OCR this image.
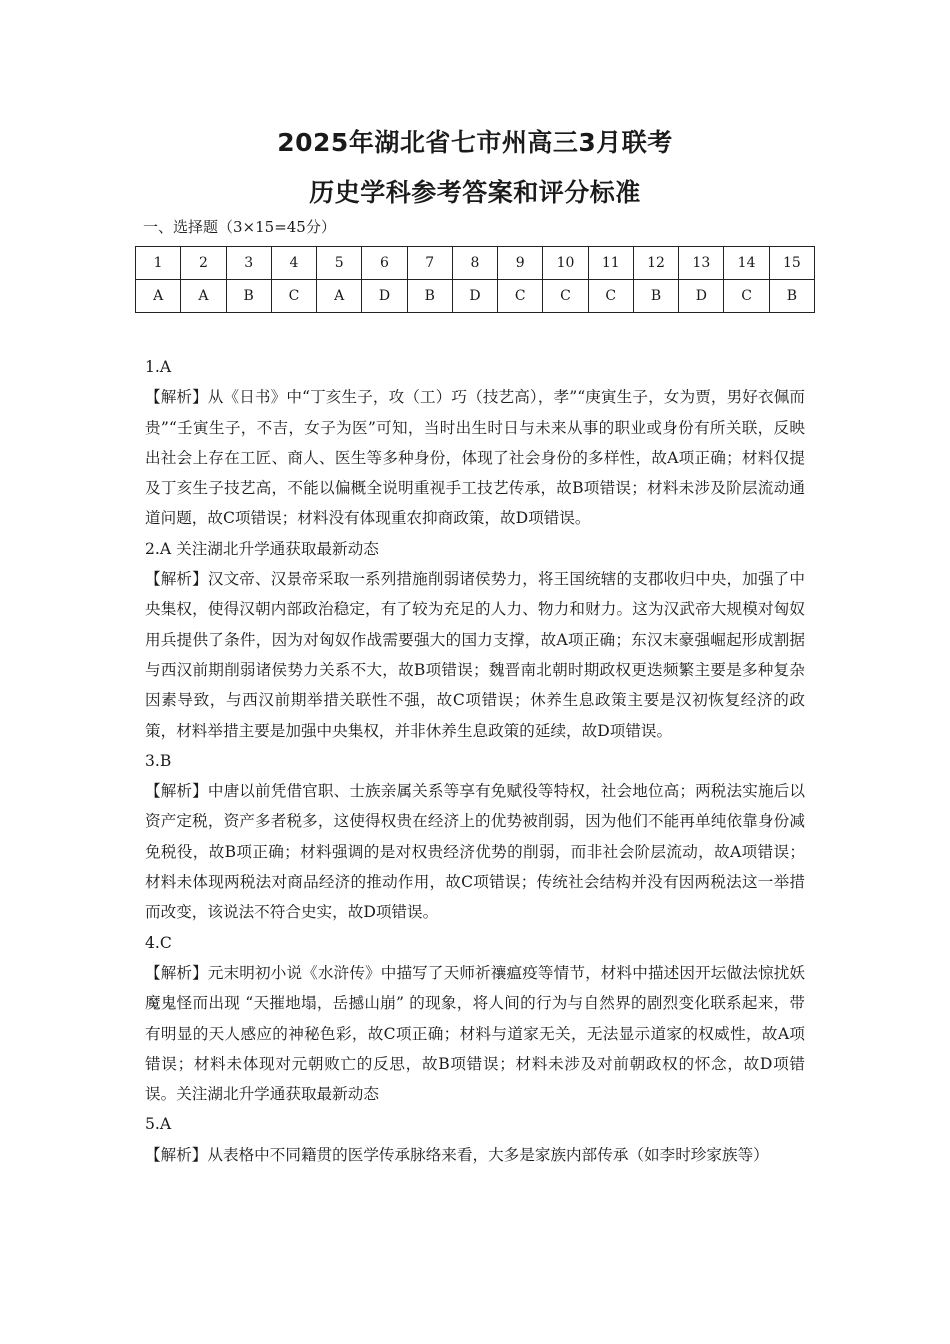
2025年湖北省七市州高三3月联考
历史学科参考答案和评分标准
一、选择题（3×15=45分）
1	2	3	4	5	6	7	8	9	10	11	12	13	14	15
A	A	B	C	A	D	B	D	C	C	C	B	D	C	B

1.A

【解析】从《日书》中“丁亥生子，攻（工）巧（技艺高），孝”“庚寅生子，女为贾，男好衣佩而贵”“壬寅生子，不吉，女子为医”可知，当时出生时日与未来从事的职业或身份有所关联，反映出社会上存在工匠、商人、医生等多种身份，体现了社会身份的多样性，故A项正确；材料仅提及丁亥生子技艺高，不能以偏概全说明重视手工技艺传承，故B项错误；材料未涉及阶层流动通道问题，故C项错误；材料没有体现重农抑商政策，故D项错误。

2.A 关注湖北升学通获取最新动态

【解析】汉文帝、汉景帝采取一系列措施削弱诸侯势力，将王国统辖的支郡收归中央，加强了中央集权，使得汉朝内部政治稳定，有了较为充足的人力、物力和财力。这为汉武帝大规模对匈奴用兵提供了条件，因为对匈奴作战需要强大的国力支撑，故A项正确；东汉末豪强崛起形成割据与西汉前期削弱诸侯势力关系不大，故B项错误；魏晋南北朝时期政权更迭频繁主要是多种复杂因素导致，与西汉前期举措关联性不强，故C项错误；休养生息政策主要是汉初恢复经济的政策，材料举措主要是加强中央集权，并非休养生息政策的延续，故D项错误。

3.B

【解析】中唐以前凭借官职、士族亲属关系等享有免赋役等特权，社会地位高；两税法实施后以资产定税，资产多者税多，这使得权贵在经济上的优势被削弱，因为他们不能再单纯依靠身份减免税役，故B项正确；材料强调的是对权贵经济优势的削弱，而非社会阶层流动，故A项错误；材料未体现两税法对商品经济的推动作用，故C项错误；传统社会结构并没有因两税法这一举措而改变，该说法不符合史实，故D项错误。

4.C

【解析】元末明初小说《水浒传》中描写了天师祈禳瘟疫等情节，材料中描述因开坛做法惊扰妖魔鬼怪而出现 “天摧地塌，岳撼山崩” 的现象，将人间的行为与自然界的剧烈变化联系起来，带有明显的天人感应的神秘色彩，故C项正确；材料与道家无关，无法显示道家的权威性，故A项错误；材料未体现对元朝败亡的反思，故B项错误；材料未涉及对前朝政权的怀念，故D项错误。关注湖北升学通获取最新动态

5.A

【解析】从表格中不同籍贯的医学传承脉络来看，大多是家族内部传承（如李时珍家族等）
